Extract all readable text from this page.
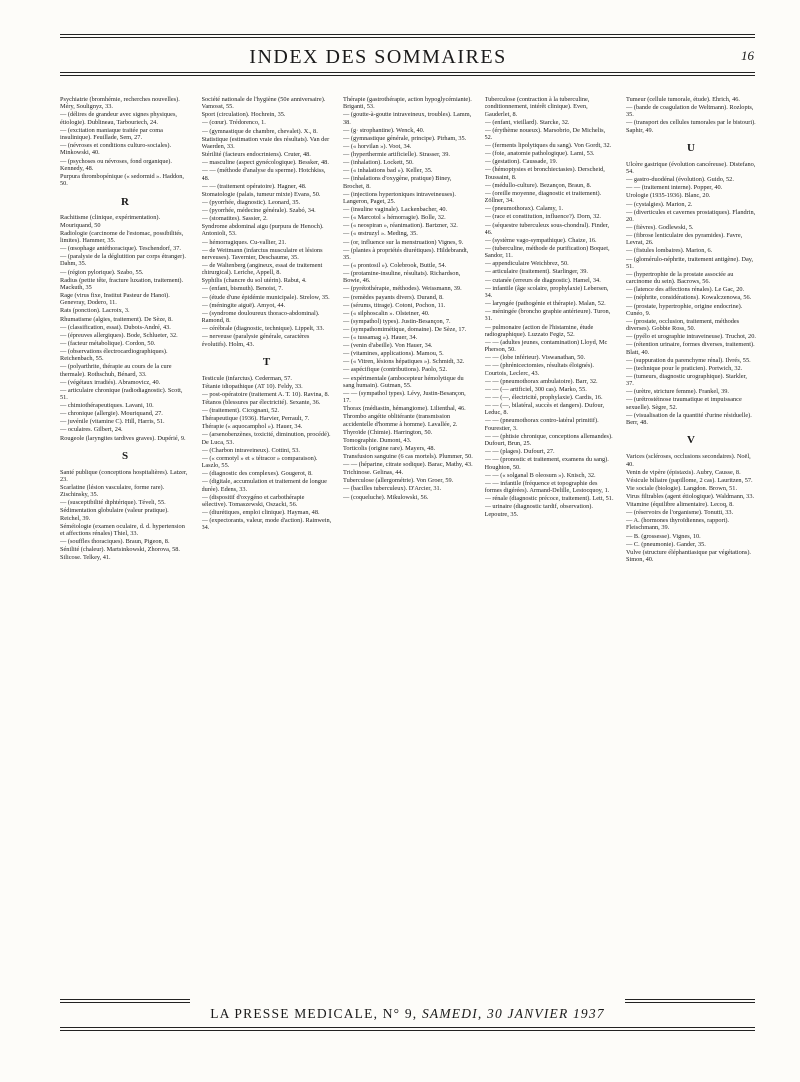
INDEX DES SOMMAIRES	16
Psychiatrie (bromhémie, recherches nouvelles). Méry, Soulignyz, 33.
— (délires de grandeur avec signes physiques, étiologie). Dublineau, Tarbouriech, 24.
— (excitation maniaque traitée par coma insulinique). Feuillade, Sem, 27.
— (névroses et conditions culturo-sociales). Minkowski, 40.
— (psychoses ou névroses, fond organique). Kennedy, 48.
Purpura thrombopénique (« sedormid ». Haddon, 50.
R
Rachitisme (clinique, expérimentation). Mouriquand, 50
Radiologie (carcinome de l'estomac, possibilités, limites). Hammer, 35.
— (œsophage antéthoracique). Teschendorf, 37.
— (paralysie de la déglutition par corps étranger). Dahm, 35.
— (région pylorique). Szabo, 55.
Radius (petite tête, fracture luxation, traitement). Mackuth, 35
Rage (virus fixe, Institut Pasteur de Hanoï). Genevray, Dodero, 11.
Rats (ponction). Lacroix, 3.
Rhumatisme (algies, traitement). De Sèze, 8.
— (classification, essai). Dubois-André, 43.
— (épreuves allergiques). Bode, Schlueter, 32.
— (facteur métabolique). Cordon, 50.
— (observations électrocardiographiques). Reichenbach, 55.
— (polyarthrite, thérapie au cours de la cure thermale). Rothschuh, Bénard, 33.
— (végétaux irradiés). Abramovicz, 40.
— articulaire chronique (radiodiagnostic). Scott, 51.
— chimiothérapeutiques. Lavani, 10.
— chronique (allergie). Mouriquand, 27.
— juvénile (vitamine C). Hill, Harris, 51.
— oculaires. Gilbert, 24.
Rougeole (laryngites tardives graves). Dupérié, 9.
S
Santé publique (conceptions hospitalières). Latzer, 23.
Scarlatine (lésion vasculaire, forme rare). Zischinsky, 35.
— (susceptibilité diphtérique). Téveli, 55.
Sédimentation globulaire (valeur pratique). Reichel, 39.
Séméiologie (examen oculaire, d. d. hypertension et affections rénales) Thiel, 33.
— (souffles thoraciques). Braun, Pigeon, 8.
Sénilité (chaleur). Martsinkowski, Zhorova, 58.
Silicose. Telkey, 41.
Société nationale de l'hygiène (50e anniversaire). Vamosst, 55.
Sport (circulation). Hochrein, 35.
— (cœur). Trédorenco, 1.
— (gymnastique de chambre, chevalet). X., 8.
Statistique (estimation vraie des résultats). Van der Waerden, 33.
Stérilité (facteurs endocriniens). Cruter, 48.
— masculine (aspect gynécologique). Bessker, 48.
— — (méthode d'analyse du sperme). Hotchkiss, 48.
— — (traitement opératoire). Hagner, 48.
Stomatologie (palais, tumeur mixte) Evans, 50.
— (pyorrhée, diagnostic). Leonard, 35.
— (pyorrhée, médecine générale). Szabó, 34.
— (stomatites). Sassier, 2.
Syndrome abdominal aigu (purpura de Henoch). Antonioli, 53.
— hémorragiques. Cu-vallier, 21.
— de Weitmann (infarctus musculaire et lésions nerveuses). Tavernier, Deschaume, 35.
— de Waltenberg (angineux, essai de traitement chirurgical). Leriche, Appell, 8.
Syphilis (chancre du sol utérin). Rabut, 4.
— (enfant, bismuth). Benoist, 7.
— (étude d'une épidémie municipale). Strelow, 35.
— (méningite aiguë). Amyot, 44.
— (syndrome douloureux thoraco-abdominal). Ramond, 8.
— cérébrale (diagnostic, technique). Lippelt, 33.
— nerveuse (paralysie générale, caractères évolutifs). Holm, 43.
T
Testicule (infarctus). Cederman, 57.
Tétanie idiopathique (AT 10). Feldy, 33.
— post-opératoire (traitement A. T. 10). Ravina, 8.
Tétanos (blessures par électricité). Sexante, 36.
— (traitement). Cicognani, 52.
Thérapeutique (1936). Harvier, Perrault, 7.
Thérapie (« aquocamphol »). Hauer, 34.
— (arsenobenzènes, toxicité, diminution, procédé). De Luca, 53.
— (Charbon intraveineux). Cottini, 53.
— (« cormotyl » et « tétracor » comparaison). Laszlo, 55.
— (diagnostic des complexes). Gougerot, 8.
— (digitale, accumulation et traitement de longue durée). Edens, 33.
— (dispositif d'oxygéno et carbothérapie sélective). Tomaszewski, Oszacki, 56.
— (diurétiques, emploi clinique). Hayman, 48.
— (expectorants, valeur, mode d'action). Rainwein, 34.
Thérapie (gastrothérapie, action hypoglycémiante). Briganti, 53.
— (goutte-à-goutte intraveineux, troubles). Lamm, 38.
— (g· strophantine). Wenck, 40.
— (gymnastique générale, principe). Pirham, 35.
— (« horvilan »). Voot, 34.
— (hyperthermie artificielle). Strasser, 39.
— (inhalation). Lockett, 50.
— (« inhalations bad »). Keller, 35.
— (inhalations d'oxygène, pratique) Biney, Brochet, 8.
— (injections hypertoniques intraveineuses). Langeron, Paget, 25.
— (insuline vaginale). Lackenbacher, 40.
— (« Marcotol » hémorragie). Bolle, 32.
— (« neospiran », réanimation). Bartzner, 32.
— (« œstruzyl ». Meding, 35.
— (or, influence sur la menstruation) Vignes, 9.
— (plantes à propriétés diurétiques). Hildebrandt, 35.
— (« prontosil »). Colebrook, Buttle, 54.
— (protamine-insuline, résultats). Richardson, Bowie, 46.
— (pyrétothérapie, méthodes). Weissmann, 39.
— (remèdes payants divers). Durand, 8.
— (sérums, titrage). Cotoni, Pochon, 11.
— (« silphoscalin ». Olsteiner, 40.
— (sympathol) types). Justin-Besançon, 7.
— (sympathomimétique, domaine). De Sèze, 17.
— (« tussamag »). Hauer, 34.
— (venin d'abeille). Von Hauer, 34.
— (vitamines, applications). Mamou, 5.
— (« Vitren, lésions hépatiques »). Schmidt, 32.
— aspécifique (contributions). Paolo, 52.
— expérimentale (ambocepteur hémolytique du sang humain). Gutman, 55.
— — (sympathol types). Lévy, Justin-Besançon, 17.
Thorax (médiastin, hémangiome). Lilienthal, 46.
Thrombo angéite oblitérante (transmission accidentelle d'homme à homme). Lavallée, 2.
Thyroïde (Chimie). Harrington, 50.
Tomographie. Dumont, 43.
Torticolis (origine rare). Mayers, 48.
Transfusion sanguine (6 cas mortels). Plummer, 50.
— — (héparine, citrate sodique). Barac, Mathy, 43.
Trichinose. Gelinas, 44.
Tuberculose (allergométrie). Von Groer, 59.
— (bacilles tuberculeux). D'Arcier, 31.
— (coqueluche). Mikulowski, 56.
Tuberculose (contraction à la tuberculine, conditionnement, intérêt clinique). Even, Gauderlet, 8.
— (enfant, vieillard). Starcke, 32.
— (érythème noueux). Marsobrio, De Michelis, 52.
— (ferments lipolytiques du sang). Von Gordt, 32.
— (foie, anatomie pathologique). Lami, 53.
— (gestation). Caussade, 19.
— (hémoptysies et bronchiectasies). Derscheid, Toussaint, 8.
— (médullo-culture). Bezançon, Braun, 8.
— (oreille moyenne, diagnostic et traitement). Zöllner, 34.
— (pneumothorax). Calamy, 1.
— (race et constitution, influence?). Dorn, 32.
— (séquestre tuberculeux sous-chondral). Finder, 46.
— (système vago-sympathique). Chaize, 16.
— (tuberculine, méthode de purification) Boquet, Sandor, 11.
— appendiculaire Weichbrez, 50.
— articulaire (traitement). Starlinger, 39.
— cutanée (erreurs de diagnostic). Hamel, 34.
— infantile (âge scolaire, prophylaxie) Lebersen, 34.
— laryngée (pathogénie et thérapie). Malan, 52.
— méningée (broncho graphie antérieure). Turon, 31.
— pulmonaire (action de l'histamine, étude radiographique). Luzzato Fegiz, 52.
— — (adultes jeunes, contamination) Lloyd, Mc Pherson, 50.
— — (lobe inférieur). Viswanathan, 50.
— — (phrénicectomies, résultats éloignés). Courtois, Leclerc, 43.
— — (pneumothorax ambulatoire). Barr, 32.
— — (— artificiel, 300 cas). Marko, 55.
— — (—, électricité, prophylaxie). Cardis, 16.
— — (—, bilatéral, succès et dangers). Dufour, Leduc, 8.
— — (pneumothorax contro-latéral primitif). Fourestier, 3.
— — (phtisie chronique, conceptions allemandes). Dufourt, Brun, 25.
— — (plages). Dufourt, 27.
— — (pronostic et traitement, examens du sang). Houghton, 50.
— — (« solganal B oleosum »). Knisch, 32.
— — infantile (fréquence et topographie des formes digérées). Armand-Delille, Lestocquoy, 1.
— rénale (diagnostic précoce, traitement). Lett, 51.
— urinaire (diagnostic tardif, observation). Lepoutre, 35.
Tumeur (cellule tumorale, étude). Ehrich, 46.
— (bande de coagulation de Weltmann). Rozlopts, 35.
— (transport des cellules tumorales par le bistouri). Saphir, 49.
U
Ulcère gastrique (évolution cancéreuse). Distefano, 54.
— gastro-duodénal (évolution). Guido, 52.
— — (traitement interne). Popper, 40.
Urologie (1935-1936). Blanc, 20.
— (cystalgies). Marion, 2.
— (diverticules et cavernes prostatiques). Flandrin, 20.
— (fièvres). Godlewski, 5.
— (fibrose lenticulaire des pyramides). Favre, Levrat, 26.
— (fistules lombaires). Marion, 6.
— (glomérulo-néphrite, traitement antigène). Day, 51.
— (hypertrophie de la prostate associée au carcinome du sein). Bacrows, 56.
— (latence des affections rénales). Le Gac, 20.
— (néphrite, considérations). Kowalczenowa, 56.
— (prostate, hypertrophie, origine endocrine). Cunéo, 9.
— (prostate, occlusion, traitement, méthodes diverses). Gobbie Ross, 50.
— (pyélo et urographie intraveineuse). Truchot, 20.
— (rétention urinaire, formes diverses, traitement). Blatt, 40.
— (suppuration du parenchyme rénal). Ilvrés, 55.
— (technique pour le praticien). Portwich, 32.
— (tumeurs, diagnostic urographique). Starkler, 37.
— (urètre, stricture femme). Frankel, 39.
— (urétrostéinose traumatique et impuissance sexuelle). Sègre, 52.
— (visualisation de la quantité d'urine résiduelle). Berr, 48.
V
Varices (scléroses, occlusions secondaires). Noël, 40.
Venin de vipère (épistaxis). Aubry, Causse, 8.
Vésicule biliaire (papillome, 2 cas). Lauritzen, 57.
Vie sociale (biologie). Langdon. Brown, 51.
Virus filtrables (agent étiologique). Waldmann, 33.
Vitamine (équilibre alimentaire). Lecoq, 8.
— (réservoirs de l'organisme). Tonutti, 33.
— A. (hormones thyroïdiennes, rapport). Fleischmann, 39.
— B. (grossesse). Vignes, 10.
— C. (pneumonie). Gander, 35.
Vulve (structure éléphantiasique par végétations). Simon, 40.
LA PRESSE MEDICALE, N° 9, SAMEDI, 30 JANVIER 1937
